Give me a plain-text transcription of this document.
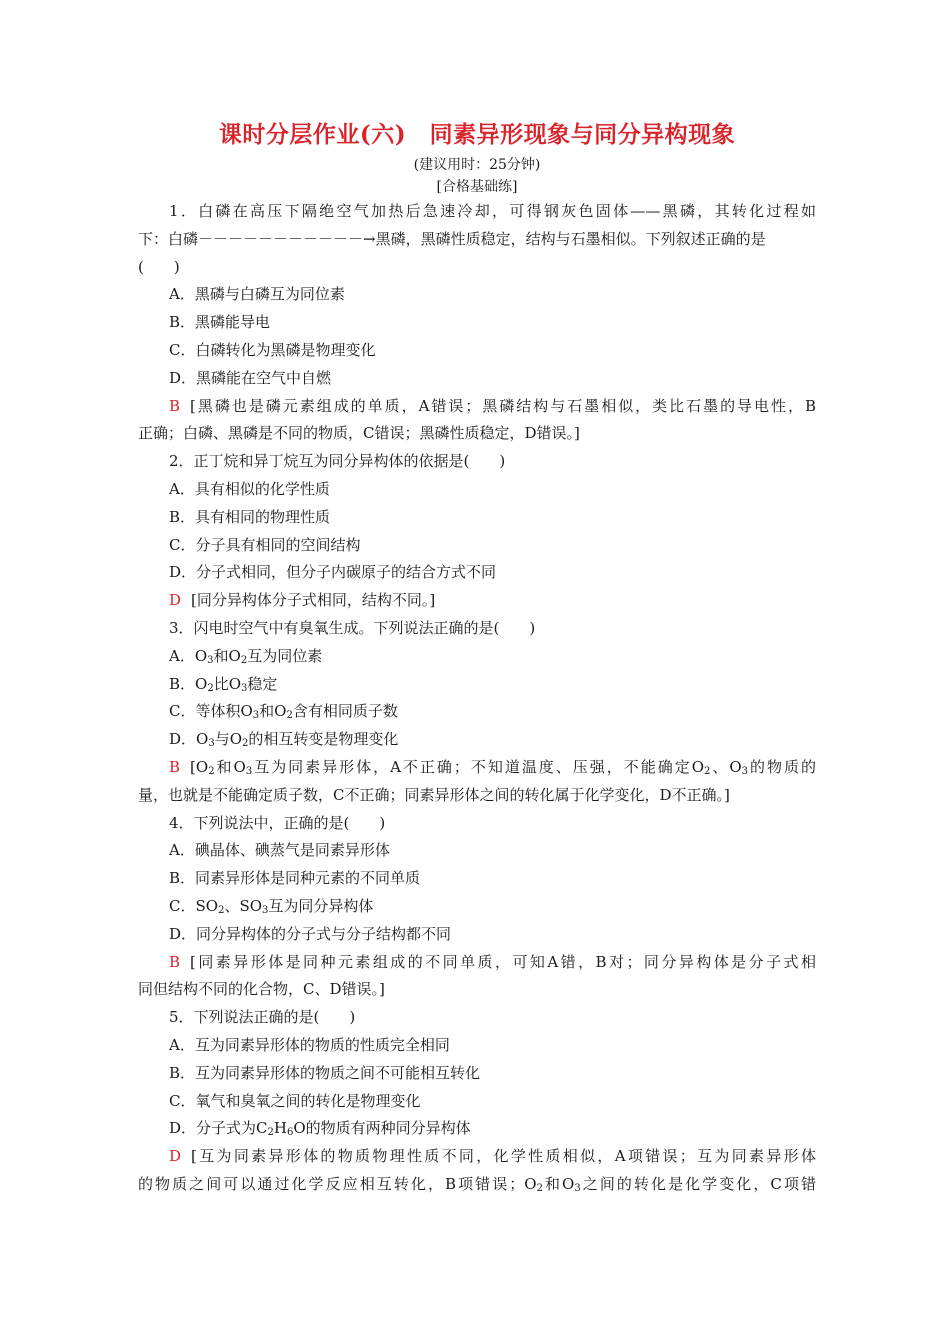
课时分层作业(六)　同素异形现象与同分异构现象
(建议用时：25分钟)
[合格基础练]
1．白磷在高压下隔绝空气加热后急速冷却，可得钢灰色固体——黑磷，其转化过程如
下：白磷－－－－－－－－－－－→黑磷，黑磷性质稳定，结构与石墨相似。下列叙述正确的是
(　　)
A．黑磷与白磷互为同位素
B．黑磷能导电
C．白磷转化为黑磷是物理变化
D．黑磷能在空气中自燃
B [黑磷也是磷元素组成的单质，A错误；黑磷结构与石墨相似，类比石墨的导电性，B
正确；白磷、黑磷是不同的物质，C错误；黑磷性质稳定，D错误。]
2．正丁烷和异丁烷互为同分异构体的依据是(　　)
A．具有相似的化学性质
B．具有相同的物理性质
C．分子具有相同的空间结构
D．分子式相同，但分子内碳原子的结合方式不同
D [同分异构体分子式相同，结构不同。]
3．闪电时空气中有臭氧生成。下列说法正确的是(　　)
A．$O_3$和$O_2$互为同位素
B．$O_2$比$O_3$稳定
C．等体积$O_3$和$O_2$含有相同质子数
D．$O_3$与$O_2$的相互转变是物理变化
B [$O_2$和$O_3$互为同素异形体，A不正确；不知道温度、压强，不能确定$O_2$、$O_3$的物质的
量，也就是不能确定质子数，C不正确；同素异形体之间的转化属于化学变化，D不正确。]
4．下列说法中，正确的是(　　)
A．碘晶体、碘蒸气是同素异形体
B．同素异形体是同种元素的不同单质
C．$SO_2$、$SO_3$互为同分异构体
D．同分异构体的分子式与分子结构都不同
B [同素异形体是同种元素组成的不同单质，可知A错，B对；同分异构体是分子式相
同但结构不同的化合物，C、D错误。]
5．下列说法正确的是(　　)
A．互为同素异形体的物质的性质完全相同
B．互为同素异形体的物质之间不可能相互转化
C．氧气和臭氧之间的转化是物理变化
D．分子式为$C_2H_6O$的物质有两种同分异构体
D [互为同素异形体的物质物理性质不同，化学性质相似，A项错误；互为同素异形体
的物质之间可以通过化学反应相互转化，B项错误；$O_2$和$O_3$之间的转化是化学变化，C项错
